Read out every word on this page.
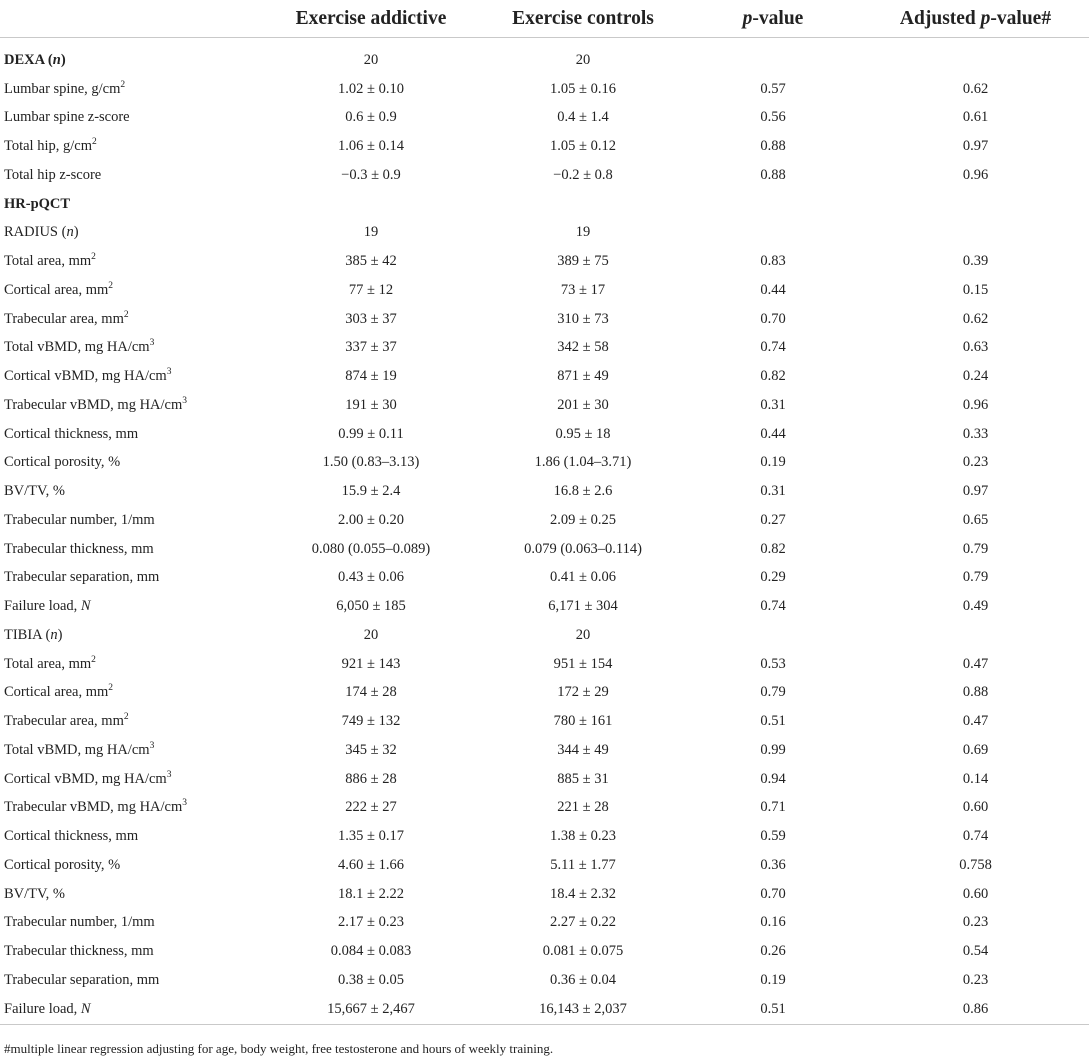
	Exercise addictive	Exercise controls	p-value	Adjusted p-value#

DEXA (n)	20	20		
Lumbar spine, $g/cm^2$	1.02 ± 0.10	1.05 ± 0.16	0.57	0.62
Lumbar spine z-score	0.6 ± 0.9	0.4 ± 1.4	0.56	0.61
Total hip, $g/cm^2$	1.06 ± 0.14	1.05 ± 0.12	0.88	0.97
Total hip z-score	−0.3 ± 0.9	−0.2 ± 0.8	0.88	0.96
HR-pQCT				
RADIUS (n)	19	19		
Total area, $mm^2$	385 ± 42	389 ± 75	0.83	0.39
Cortical area, $mm^2$	77 ± 12	73 ± 17	0.44	0.15
Trabecular area, $mm^2$	303 ± 37	310 ± 73	0.70	0.62
Total vBMD, mg $HA/cm^3$	337 ± 37	342 ± 58	0.74	0.63
Cortical vBMD, mg $HA/cm^3$	874 ± 19	871 ± 49	0.82	0.24
Trabecular vBMD, mg $HA/cm^3$	191 ± 30	201 ± 30	0.31	0.96
Cortical thickness, mm	0.99 ± 0.11	0.95 ± 18	0.44	0.33
Cortical porosity, %	1.50 (0.83–3.13)	1.86 (1.04–3.71)	0.19	0.23
BV/TV, %	15.9 ± 2.4	16.8 ± 2.6	0.31	0.97
Trabecular number, 1/mm	2.00 ± 0.20	2.09 ± 0.25	0.27	0.65
Trabecular thickness, mm	0.080 (0.055–0.089)	0.079 (0.063–0.114)	0.82	0.79
Trabecular separation, mm	0.43 ± 0.06	0.41 ± 0.06	0.29	0.79
Failure load, N	6,050 ± 185	6,171 ± 304	0.74	0.49
TIBIA (n)	20	20		
Total area, $mm^2$	921 ± 143	951 ± 154	0.53	0.47
Cortical area, $mm^2$	174 ± 28	172 ± 29	0.79	0.88
Trabecular area, $mm^2$	749 ± 132	780 ± 161	0.51	0.47
Total vBMD, mg $HA/cm^3$	345 ± 32	344 ± 49	0.99	0.69
Cortical vBMD, mg $HA/cm^3$	886 ± 28	885 ± 31	0.94	0.14
Trabecular vBMD, mg $HA/cm^3$	222 ± 27	221 ± 28	0.71	0.60
Cortical thickness, mm	1.35 ± 0.17	1.38 ± 0.23	0.59	0.74
Cortical porosity, %	4.60 ± 1.66	5.11 ± 1.77	0.36	0.758
BV/TV, %	18.1 ± 2.22	18.4 ± 2.32	0.70	0.60
Trabecular number, 1/mm	2.17 ± 0.23	2.27 ± 0.22	0.16	0.23
Trabecular thickness, mm	0.084 ± 0.083	0.081 ± 0.075	0.26	0.54
Trabecular separation, mm	0.38 ± 0.05	0.36 ± 0.04	0.19	0.23
Failure load, N	15,667 ± 2,467	16,143 ± 2,037	0.51	0.86
#multiple linear regression adjusting for age, body weight, free testosterone and hours of weekly training.
